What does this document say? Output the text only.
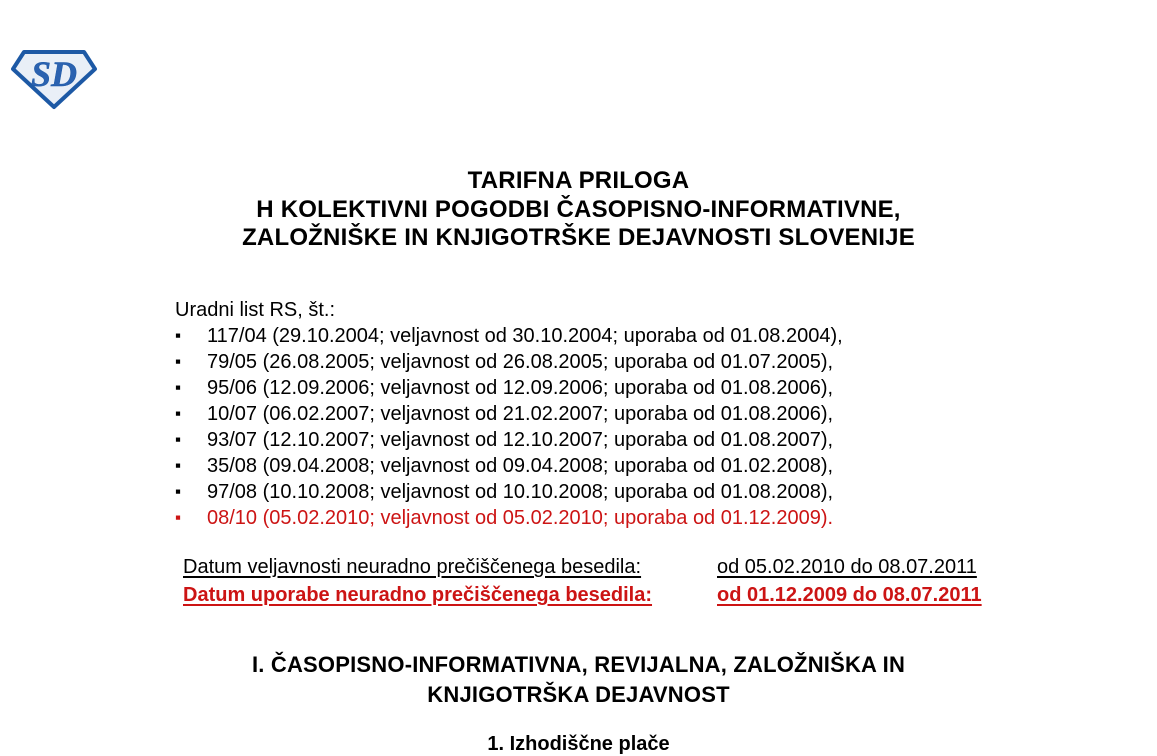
SD
TARIFNA PRILOGA
H KOLEKTIVNI POGODBI ČASOPISNO-INFORMATIVNE,
ZALOŽNIŠKE IN KNJIGOTRŠKE DEJAVNOSTI SLOVENIJE
Uradni list RS, št.:
▪	117/04 (29.10.2004; veljavnost od 30.10.2004; uporaba od 01.08.2004),
▪	79/05 (26.08.2005; veljavnost od 26.08.2005; uporaba od 01.07.2005),
▪	95/06 (12.09.2006; veljavnost od 12.09.2006; uporaba od 01.08.2006),
▪	10/07 (06.02.2007; veljavnost od 21.02.2007; uporaba od 01.08.2006),
▪	93/07 (12.10.2007; veljavnost od 12.10.2007; uporaba od 01.08.2007),
▪	35/08 (09.04.2008; veljavnost od 09.04.2008; uporaba od 01.02.2008),
▪	97/08 (10.10.2008; veljavnost od 10.10.2008; uporaba od 01.08.2008),
▪	08/10 (05.02.2010; veljavnost od 05.02.2010; uporaba od 01.12.2009).
Datum veljavnosti neuradno prečiščenega besedila:	od 05.02.2010 do 08.07.2011
Datum uporabe neuradno prečiščenega besedila:	od 01.12.2009 do 08.07.2011
I. ČASOPISNO-INFORMATIVNA, REVIJALNA, ZALOŽNIŠKA IN
KNJIGOTRŠKA DEJAVNOST
1. Izhodiščne plače
